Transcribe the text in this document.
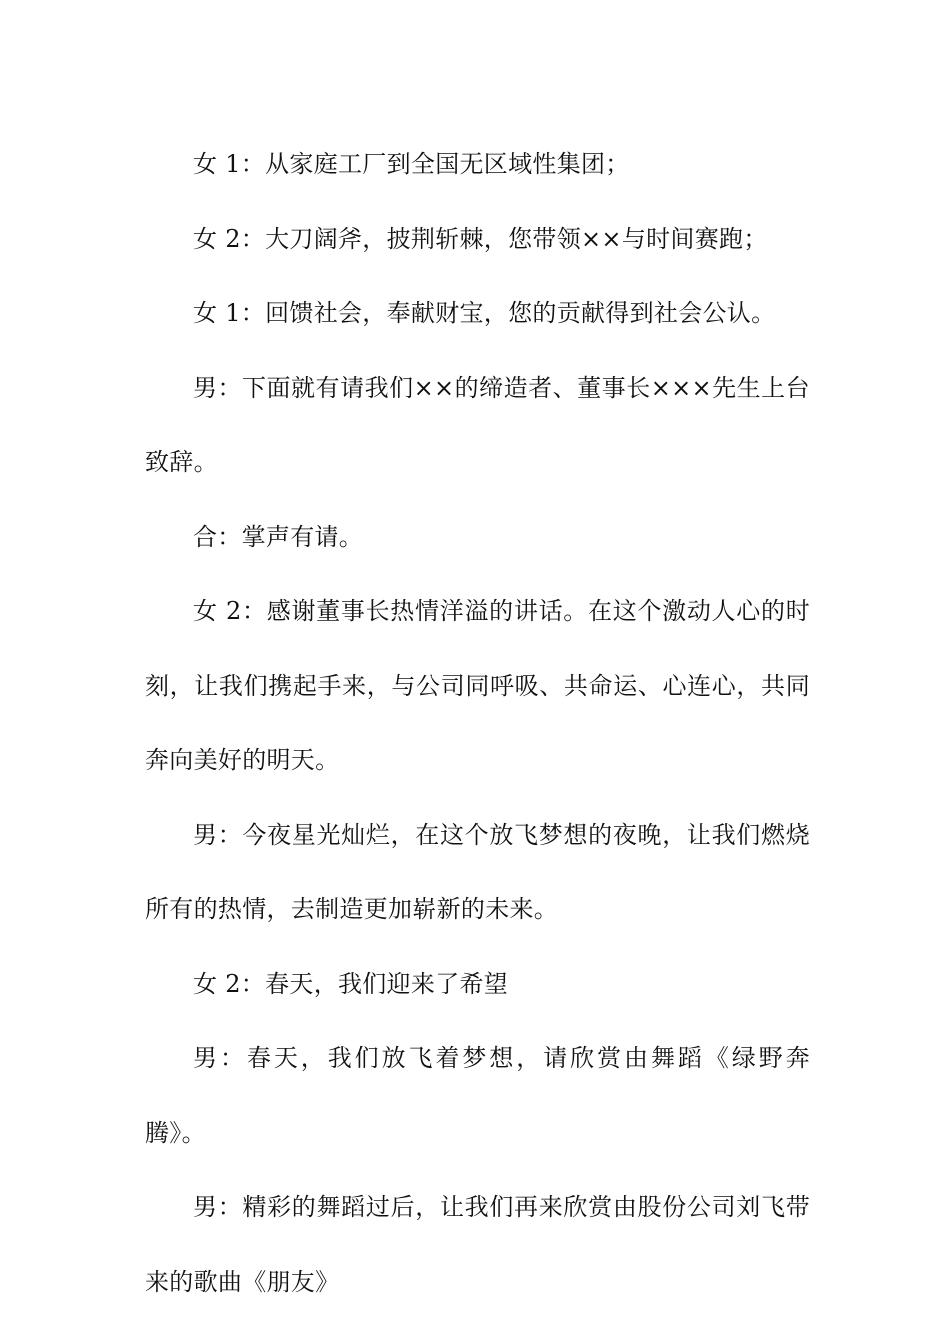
女 1：从家庭工厂到全国无区域性集团；

女 2：大刀阔斧，披荆斩棘，您带领××与时间赛跑；

女 1：回馈社会，奉献财宝，您的贡献得到社会公认。

男：下面就有请我们××的缔造者、董事长×××先生上台致辞。

合：掌声有请。

女 2：感谢董事长热情洋溢的讲话。在这个激动人心的时刻，让我们携起手来，与公司同呼吸、共命运、心连心，共同奔向美好的明天。

男：今夜星光灿烂，在这个放飞梦想的夜晚，让我们燃烧所有的热情，去制造更加崭新的未来。

女 2：春天，我们迎来了希望

男：春天，我们放飞着梦想，请欣赏由舞蹈《绿野奔腾》。

男：精彩的舞蹈过后，让我们再来欣赏由股份公司刘飞带来的歌曲《朋友》
